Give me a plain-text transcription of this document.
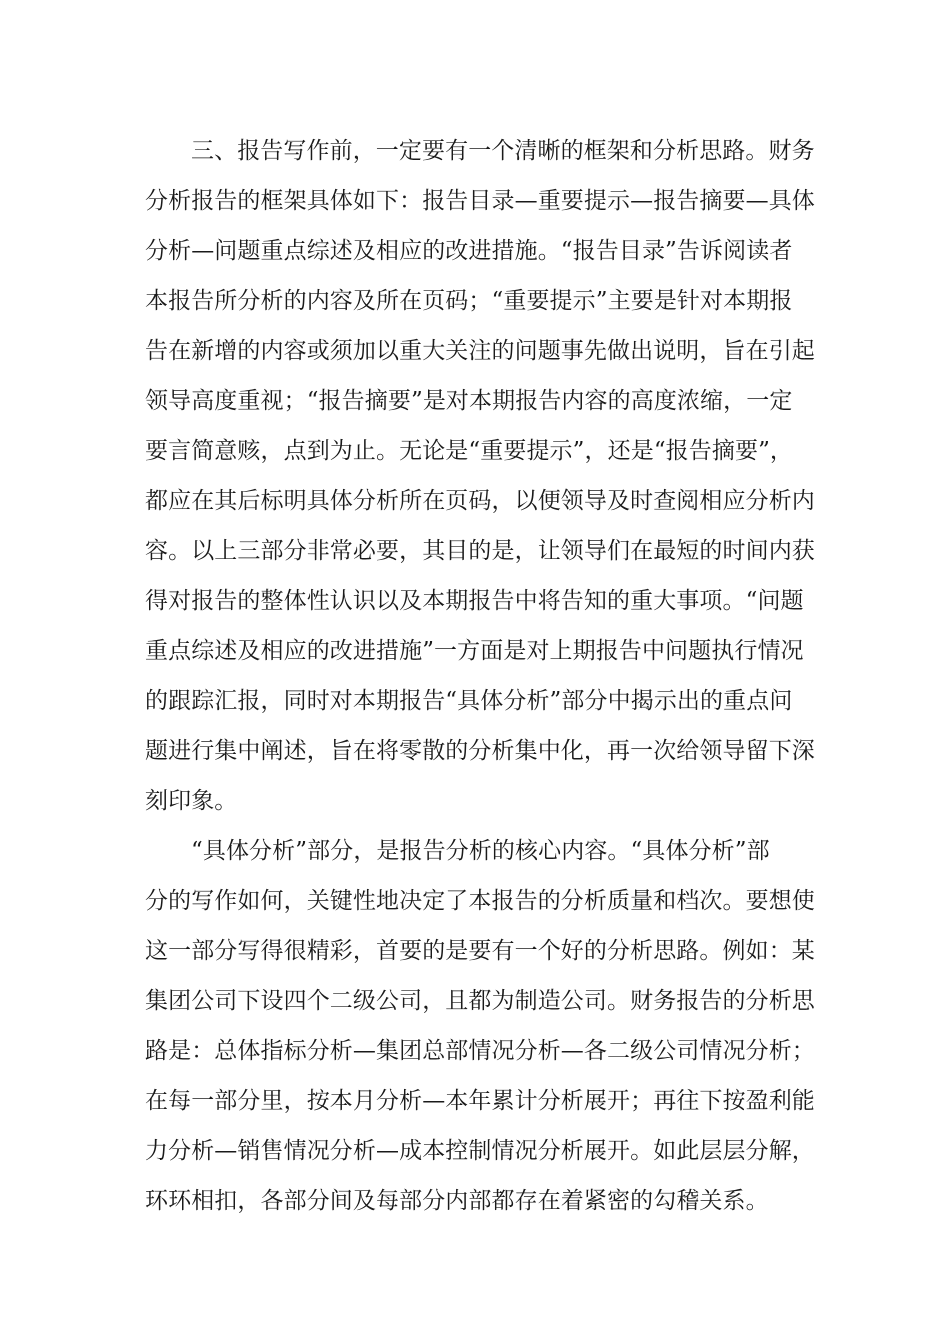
三、报告写作前，一定要有一个清晰的框架和分析思路。财务
分析报告的框架具体如下：报告目录—重要提示—报告摘要—具体
分析—问题重点综述及相应的改进措施。“报告目录”告诉阅读者
本报告所分析的内容及所在页码；“重要提示”主要是针对本期报
告在新增的内容或须加以重大关注的问题事先做出说明，旨在引起
领导高度重视；“报告摘要”是对本期报告内容的高度浓缩，一定
要言简意赅，点到为止。无论是“重要提示”，还是“报告摘要”，
都应在其后标明具体分析所在页码，以便领导及时查阅相应分析内
容。以上三部分非常必要，其目的是，让领导们在最短的时间内获
得对报告的整体性认识以及本期报告中将告知的重大事项。“问题
重点综述及相应的改进措施”一方面是对上期报告中问题执行情况
的跟踪汇报，同时对本期报告“具体分析”部分中揭示出的重点问
题进行集中阐述，旨在将零散的分析集中化，再一次给领导留下深
刻印象。
“具体分析”部分，是报告分析的核心内容。“具体分析”部
分的写作如何，关键性地决定了本报告的分析质量和档次。要想使
这一部分写得很精彩，首要的是要有一个好的分析思路。例如：某
集团公司下设四个二级公司，且都为制造公司。财务报告的分析思
路是：总体指标分析—集团总部情况分析—各二级公司情况分析；
在每一部分里，按本月分析—本年累计分析展开；再往下按盈利能
力分析—销售情况分析—成本控制情况分析展开。如此层层分解，
环环相扣，各部分间及每部分内部都存在着紧密的勾稽关系。
